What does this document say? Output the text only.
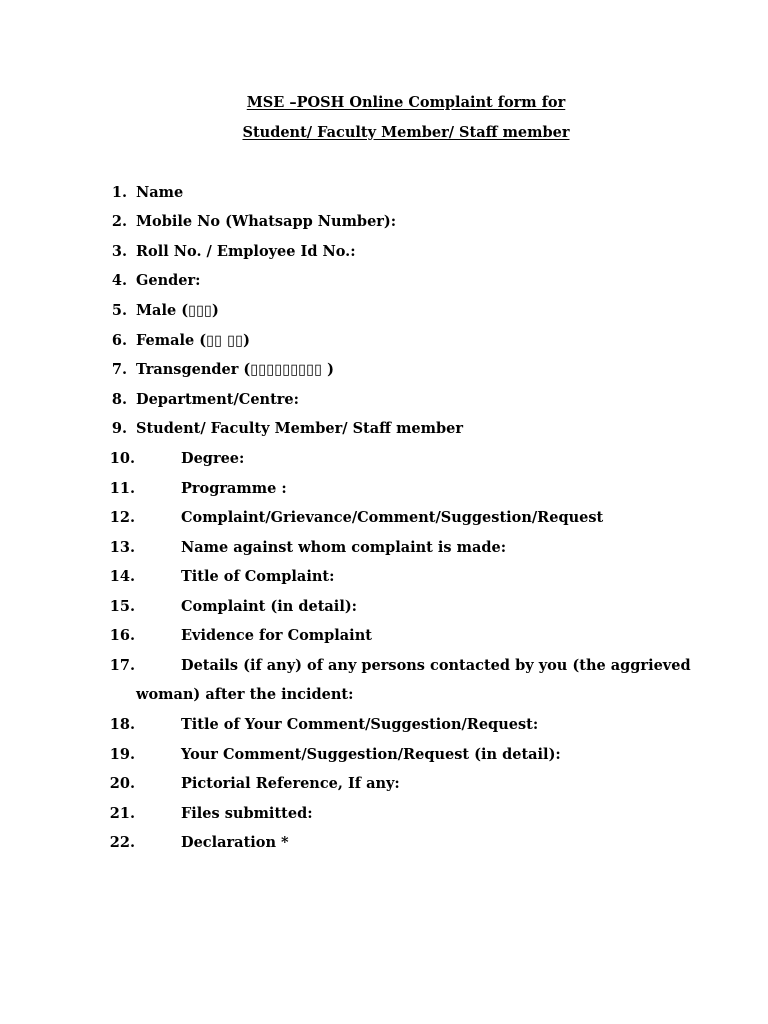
MSE –POSH Online Complaint form for
Student/ Faculty Member/ Staff member
1. Name
2. Mobile No (Whatsapp Number):
3. Roll No. / Employee Id No.:
4. Gender:
5. Male (▯▯▯)
6. Female (▯▯ ▯▯)
7. Transgender (▯▯▯▯▯▯▯▯▯ )
8. Department/Centre:
9. Student/ Faculty Member/ Staff member
10.	Degree:
11.	Programme :
12.	Complaint/Grievance/Comment/Suggestion/Request
13.	Name against whom complaint is made:
14.	Title of Complaint:
15.	Complaint (in detail):
16.	Evidence for Complaint
17.	Details (if any) of any persons contacted by you (the aggrieved
woman) after the incident:
18.	Title of Your Comment/Suggestion/Request:
19.	Your Comment/Suggestion/Request (in detail):
20.	Pictorial Reference, If any:
21.	Files submitted:
22.	Declaration *
